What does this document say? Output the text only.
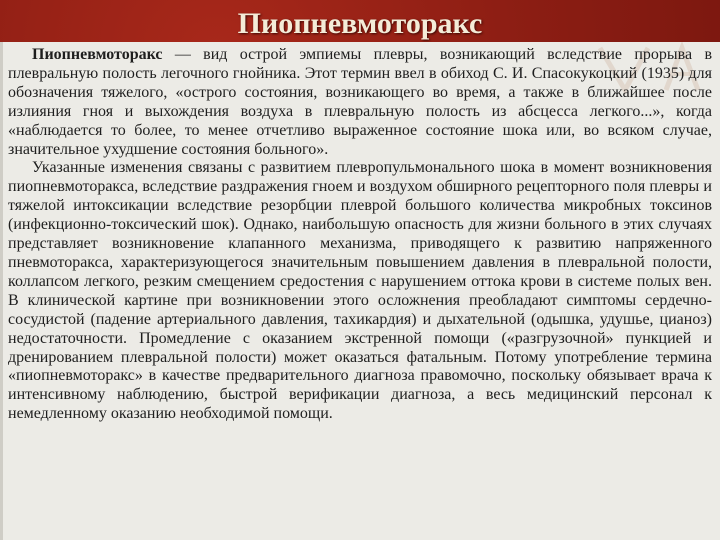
Пиопневмоторакс

Пиопневмоторакс — вид острой эмпиемы плевры, возникающий вследствие прорыва в плевральную полость легочного гнойника. Этот термин ввел в обиход С. И. Спасокукоцкий (1935) для обозначения тяжелого, «острого состояния, возникающего во время, а также в ближайшее после излияния гноя и выхождения воздуха в плевральную полость из абсцесса легкого...», когда «наблюдается то более, то менее отчетливо выраженное состояние шока или, во всяком случае, значительное ухудшение состояния больного».

Указанные изменения связаны с развитием плевропульмонального шока в момент возникновения пиопневмоторакса, вследствие раздражения гноем и воздухом обширного рецепторного поля плевры и тяжелой интоксикации вследствие резорбции плеврой большого количества микробных токсинов (инфекционно-токсический шок). Однако, наибольшую опасность для жизни больного в этих случаях представляет возникновение клапанного механизма, приводящего к развитию напряженного пневмоторакса, характеризующегося значительным повышением давления в плевральной полости, коллапсом легкого, резким смещением средостения с нарушением оттока крови в системе полых вен. В клинической картине при возникновении этого осложнения преобладают симптомы сердечно-сосудистой (падение артериального давления, тахикардия) и дыхательной (одышка, удушье, цианоз) недостаточности. Промедление с оказанием экстренной помощи («разгрузочной» пункцией и дренированием плевральной полости) может оказаться фатальным. Потому употребление термина «пиопневмоторакс» в качестве предварительного диагноза правомочно, поскольку обязывает врача к интенсивному наблюдению, быстрой верификации диагноза, а весь медицинский персонал к немедленному оказанию необходимой помощи.
